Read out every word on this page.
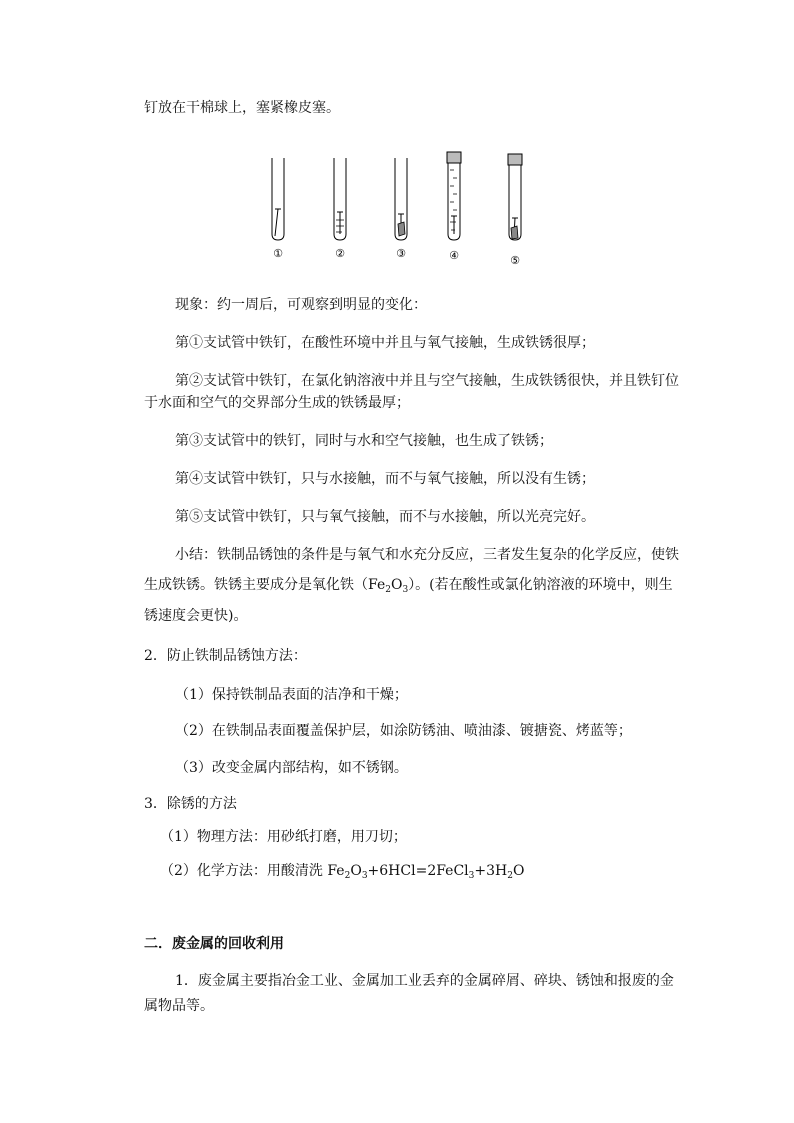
钉放在干棉球上，塞紧橡皮塞。
①	②	③	④	⑤
现象：约一周后，可观察到明显的变化：
第①支试管中铁钉，在酸性环境中并且与氧气接触，生成铁锈很厚；
第②支试管中铁钉，在氯化钠溶液中并且与空气接触，生成铁锈很快，并且铁钉位
于水面和空气的交界部分生成的铁锈最厚；
第③支试管中的铁钉，同时与水和空气接触，也生成了铁锈；
第④支试管中铁钉，只与水接触，而不与氧气接触，所以没有生锈；
第⑤支试管中铁钉，只与氧气接触，而不与水接触，所以光亮完好。
小结：铁制品锈蚀的条件是与氧气和水充分反应，三者发生复杂的化学反应，使铁
生成铁锈。铁锈主要成分是氧化铁$(Fe_2O_3)$。(若在酸性或氯化钠溶液的环境中，则生
锈速度会更快)。
2．防止铁制品锈蚀方法：
（1）保持铁制品表面的洁净和干燥；
（2）在铁制品表面覆盖保护层，如涂防锈油、喷油漆、镀搪瓷、烤蓝等；
（3）改变金属内部结构，如不锈钢。
3．除锈的方法
（1）物理方法：用砂纸打磨，用刀切；
（2）化学方法：用酸清洗 $Fe_2O_3+6HCl=2FeCl_3+3H_2O$
二．废金属的回收利用
1．废金属主要指冶金工业、金属加工业丢弃的金属碎屑、碎块、锈蚀和报废的金
属物品等。
